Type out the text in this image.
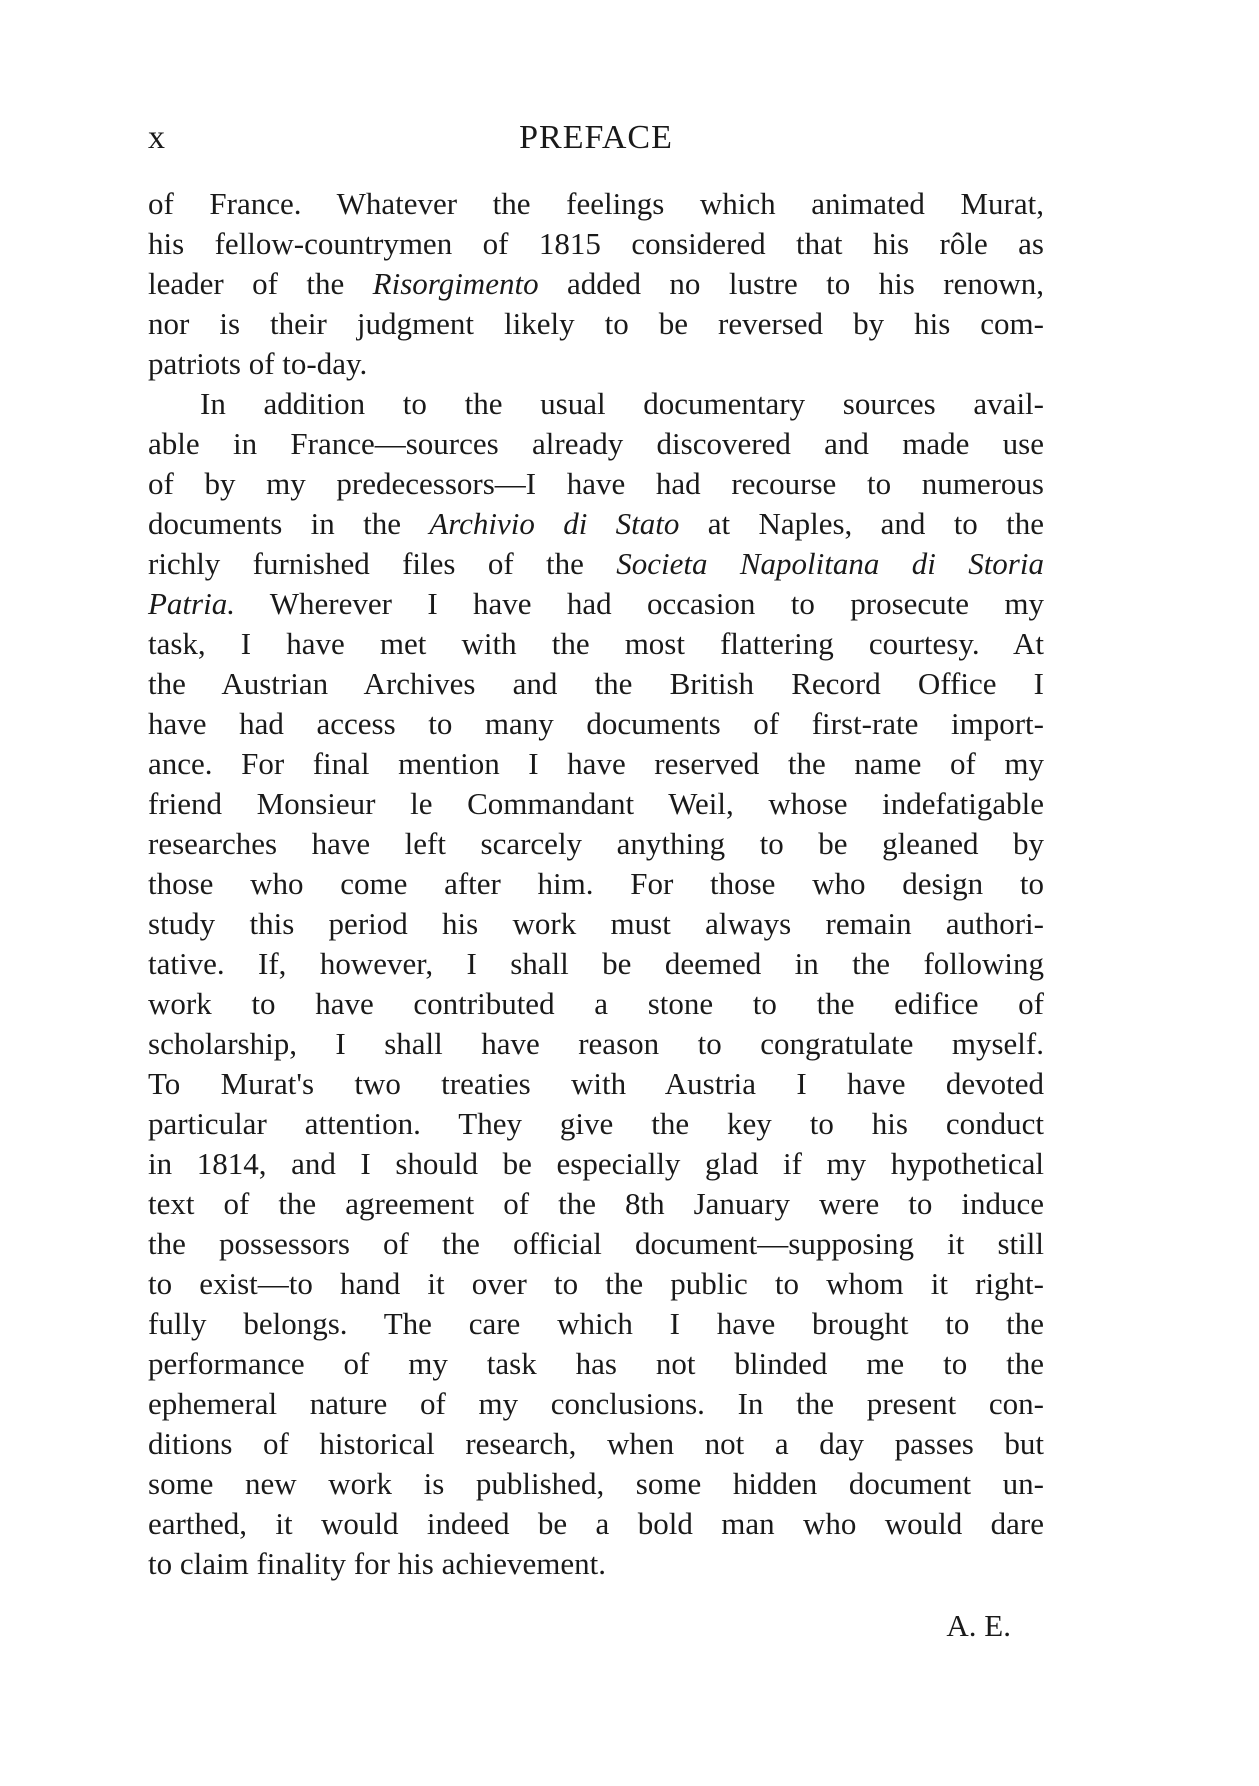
x	PREFACE
of France. Whatever the feelings which animated Murat,
his fellow-countrymen of 1815 considered that his rôle as
leader of the Risorgimento added no lustre to his renown,
nor is their judgment likely to be reversed by his com-
patriots of to-day.
In addition to the usual documentary sources avail-
able in France—sources already discovered and made use
of by my predecessors—I have had recourse to numerous
documents in the Archivio di Stato at Naples, and to the
richly furnished files of the Societa Napolitana di Storia
Patria. Wherever I have had occasion to prosecute my
task, I have met with the most flattering courtesy. At
the Austrian Archives and the British Record Office I
have had access to many documents of first-rate import-
ance. For final mention I have reserved the name of my
friend Monsieur le Commandant Weil, whose indefatigable
researches have left scarcely anything to be gleaned by
those who come after him. For those who design to
study this period his work must always remain authori-
tative. If, however, I shall be deemed in the following
work to have contributed a stone to the edifice of
scholarship, I shall have reason to congratulate myself.
To Murat's two treaties with Austria I have devoted
particular attention. They give the key to his conduct
in 1814, and I should be especially glad if my hypothetical
text of the agreement of the 8th January were to induce
the possessors of the official document—supposing it still
to exist—to hand it over to the public to whom it right-
fully belongs. The care which I have brought to the
performance of my task has not blinded me to the
ephemeral nature of my conclusions. In the present con-
ditions of historical research, when not a day passes but
some new work is published, some hidden document un-
earthed, it would indeed be a bold man who would dare
to claim finality for his achievement.
A. E.
